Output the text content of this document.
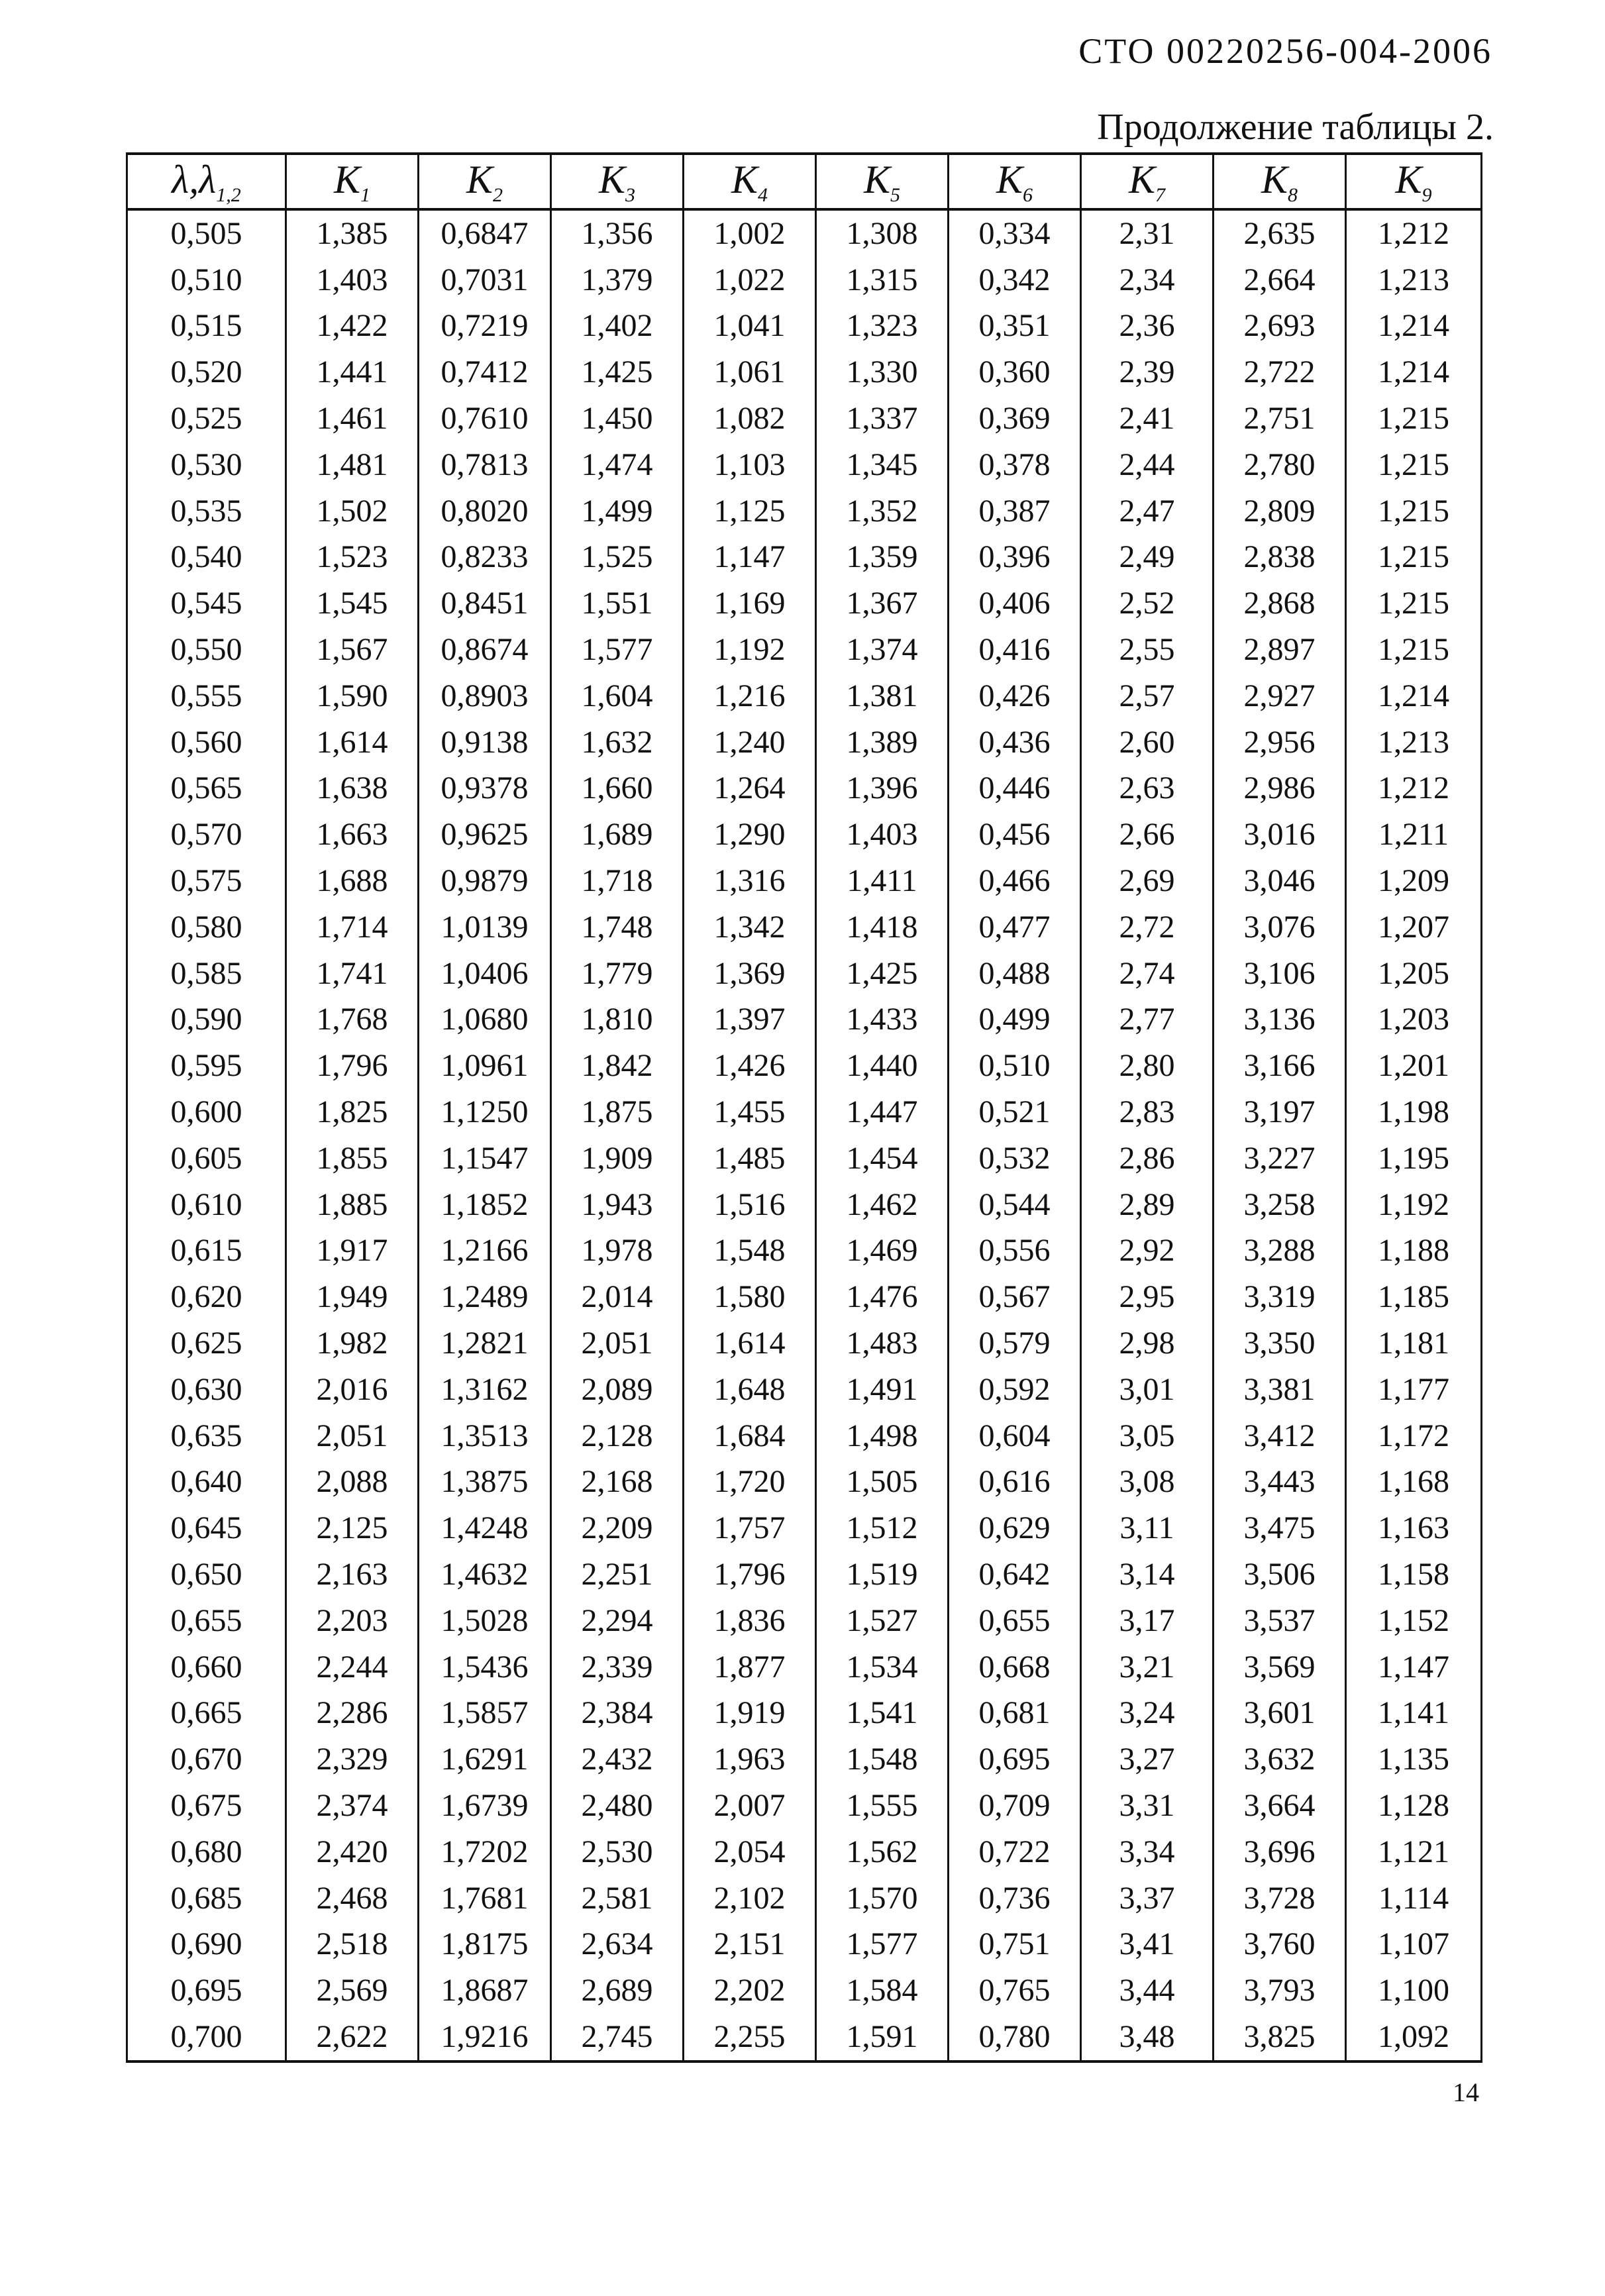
СТО 00220256-004-2006
Продолжение таблицы 2.
$\lambda,\lambda_{1,2}$	$K_1$	$K_2$	$K_3$	$K_4$	$K_5$	$K_6$	$K_7$	$K_8$	$K_9$
0,505	1,385	0,6847	1,356	1,002	1,308	0,334	2,31	2,635	1,212
0,510	1,403	0,7031	1,379	1,022	1,315	0,342	2,34	2,664	1,213
0,515	1,422	0,7219	1,402	1,041	1,323	0,351	2,36	2,693	1,214
0,520	1,441	0,7412	1,425	1,061	1,330	0,360	2,39	2,722	1,214
0,525	1,461	0,7610	1,450	1,082	1,337	0,369	2,41	2,751	1,215
0,530	1,481	0,7813	1,474	1,103	1,345	0,378	2,44	2,780	1,215
0,535	1,502	0,8020	1,499	1,125	1,352	0,387	2,47	2,809	1,215
0,540	1,523	0,8233	1,525	1,147	1,359	0,396	2,49	2,838	1,215
0,545	1,545	0,8451	1,551	1,169	1,367	0,406	2,52	2,868	1,215
0,550	1,567	0,8674	1,577	1,192	1,374	0,416	2,55	2,897	1,215
0,555	1,590	0,8903	1,604	1,216	1,381	0,426	2,57	2,927	1,214
0,560	1,614	0,9138	1,632	1,240	1,389	0,436	2,60	2,956	1,213
0,565	1,638	0,9378	1,660	1,264	1,396	0,446	2,63	2,986	1,212
0,570	1,663	0,9625	1,689	1,290	1,403	0,456	2,66	3,016	1,211
0,575	1,688	0,9879	1,718	1,316	1,411	0,466	2,69	3,046	1,209
0,580	1,714	1,0139	1,748	1,342	1,418	0,477	2,72	3,076	1,207
0,585	1,741	1,0406	1,779	1,369	1,425	0,488	2,74	3,106	1,205
0,590	1,768	1,0680	1,810	1,397	1,433	0,499	2,77	3,136	1,203
0,595	1,796	1,0961	1,842	1,426	1,440	0,510	2,80	3,166	1,201
0,600	1,825	1,1250	1,875	1,455	1,447	0,521	2,83	3,197	1,198
0,605	1,855	1,1547	1,909	1,485	1,454	0,532	2,86	3,227	1,195
0,610	1,885	1,1852	1,943	1,516	1,462	0,544	2,89	3,258	1,192
0,615	1,917	1,2166	1,978	1,548	1,469	0,556	2,92	3,288	1,188
0,620	1,949	1,2489	2,014	1,580	1,476	0,567	2,95	3,319	1,185
0,625	1,982	1,2821	2,051	1,614	1,483	0,579	2,98	3,350	1,181
0,630	2,016	1,3162	2,089	1,648	1,491	0,592	3,01	3,381	1,177
0,635	2,051	1,3513	2,128	1,684	1,498	0,604	3,05	3,412	1,172
0,640	2,088	1,3875	2,168	1,720	1,505	0,616	3,08	3,443	1,168
0,645	2,125	1,4248	2,209	1,757	1,512	0,629	3,11	3,475	1,163
0,650	2,163	1,4632	2,251	1,796	1,519	0,642	3,14	3,506	1,158
0,655	2,203	1,5028	2,294	1,836	1,527	0,655	3,17	3,537	1,152
0,660	2,244	1,5436	2,339	1,877	1,534	0,668	3,21	3,569	1,147
0,665	2,286	1,5857	2,384	1,919	1,541	0,681	3,24	3,601	1,141
0,670	2,329	1,6291	2,432	1,963	1,548	0,695	3,27	3,632	1,135
0,675	2,374	1,6739	2,480	2,007	1,555	0,709	3,31	3,664	1,128
0,680	2,420	1,7202	2,530	2,054	1,562	0,722	3,34	3,696	1,121
0,685	2,468	1,7681	2,581	2,102	1,570	0,736	3,37	3,728	1,114
0,690	2,518	1,8175	2,634	2,151	1,577	0,751	3,41	3,760	1,107
0,695	2,569	1,8687	2,689	2,202	1,584	0,765	3,44	3,793	1,100
0,700	2,622	1,9216	2,745	2,255	1,591	0,780	3,48	3,825	1,092
14
